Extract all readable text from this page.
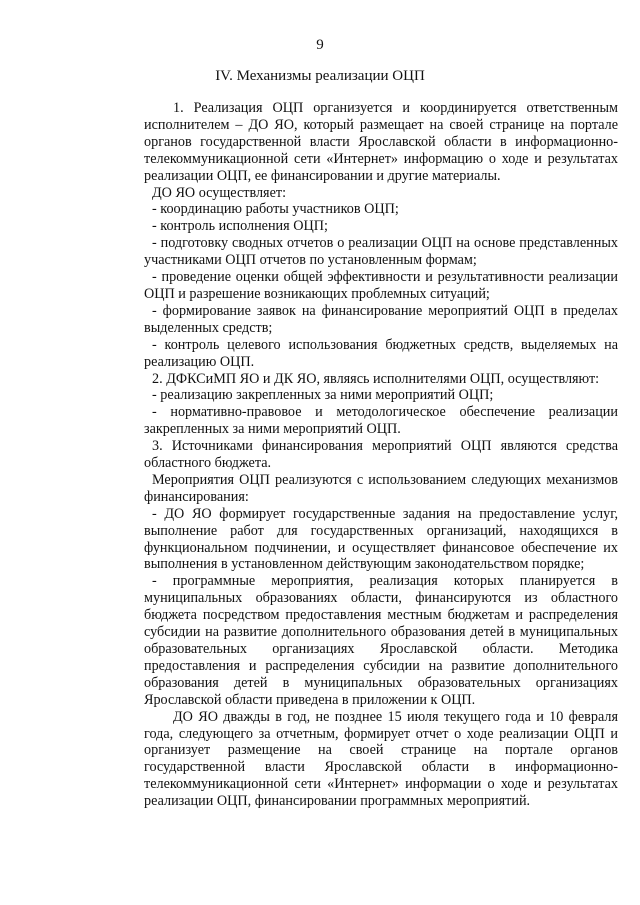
9
IV. Механизмы реализации ОЦП

1. Реализация ОЦП организуется и координируется ответственным исполнителем – ДО ЯО, который размещает на своей странице на портале органов государственной власти Ярославской области в информационно-телекоммуникационной сети «Интернет» информацию о ходе и результатах реализации ОЦП, ее финансировании и другие материалы.

ДО ЯО осуществляет:

- координацию работы участников ОЦП;

- контроль исполнения ОЦП;

- подготовку сводных отчетов о реализации ОЦП на основе представленных участниками ОЦП отчетов по установленным формам;

- проведение оценки общей эффективности и результативности реализации ОЦП и разрешение возникающих проблемных ситуаций;

- формирование заявок на финансирование мероприятий ОЦП в пределах выделенных средств;

- контроль целевого использования бюджетных средств, выделяемых на реализацию ОЦП.

2. ДФКСиМП ЯО и ДК ЯО, являясь исполнителями ОЦП, осуществляют:

- реализацию закрепленных за ними мероприятий ОЦП;

- нормативно-правовое и методологическое обеспечение реализации закрепленных за ними мероприятий ОЦП.

3. Источниками финансирования мероприятий ОЦП являются средства областного бюджета.

Мероприятия ОЦП реализуются с использованием следующих механизмов финансирования:

- ДО ЯО формирует государственные задания на предоставление услуг, выполнение работ для государственных организаций, находящихся в функциональном подчинении, и осуществляет финансовое обеспечение их выполнения в установленном действующим законодательством порядке;

- программные мероприятия, реализация которых планируется в муниципальных образованиях области, финансируются из областного бюджета посредством предоставления местным бюджетам и распределения субсидии на развитие дополнительного образования детей в муниципальных образовательных организациях Ярославской области. Методика предоставления и распределения субсидии на развитие дополнительного образования детей в муниципальных образовательных организациях Ярославской области приведена в приложении к ОЦП.

ДО ЯО дважды в год, не позднее 15 июля текущего года и 10 февраля года, следующего за отчетным, формирует отчет о ходе реализации ОЦП и организует размещение на своей странице на портале органов государственной власти Ярославской области в информационно-телекоммуникационной сети «Интернет» информации о ходе и результатах реализации ОЦП, финансировании программных мероприятий.
